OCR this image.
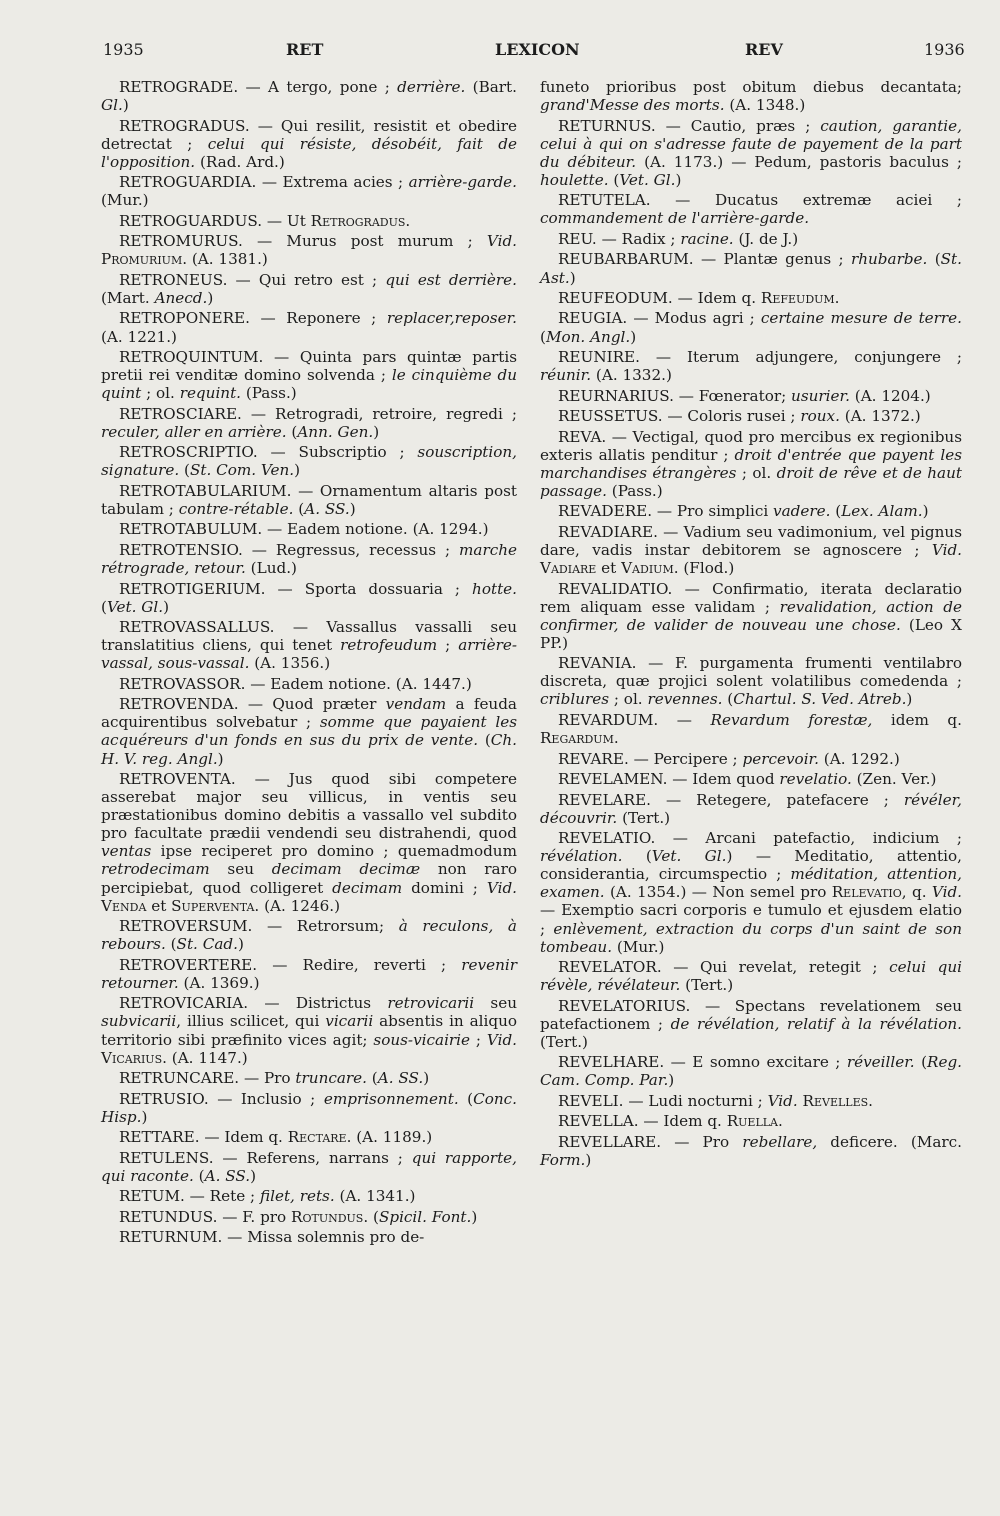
1935	RET	LEXICON	REV	1936

RETROGRADE. — A tergo, pone ; derrière. (Bart. Gl.)

RETROGRADUS. — Qui resilit, resistit et obedire detrectat ; celui qui résiste, désobéit, fait de l'opposition. (Rad. Ard.)

RETROGUARDIA. — Extrema acies ; arrière-garde. (Mur.)

RETROGUARDUS. — Ut Retrogradus.

RETROMURUS. — Murus post murum ; Vid. Promurium. (A. 1381.)

RETRONEUS. — Qui retro est ; qui est derrière. (Mart. Anecd.)

RETROPONERE. — Reponere ; replacer,reposer. (A. 1221.)

RETROQUINTUM. — Quinta pars quintæ partis pretii rei venditæ domino solvenda ; le cinquième du quint ; ol. requint. (Pass.)

RETROSCIARE. — Retrogradi, retroire, regredi ; reculer, aller en arrière. (Ann. Gen.)

RETROSCRIPTIO. — Subscriptio ; souscription, signature. (St. Com. Ven.)

RETROTABULARIUM. — Ornamentum altaris post tabulam ; contre-rétable. (A. SS.)

RETROTABULUM. — Eadem notione. (A. 1294.)

RETROTENSIO. — Regressus, recessus ; marche rétrograde, retour. (Lud.)

RETROTIGERIUM. — Sporta dossuaria ; hotte. (Vet. Gl.)

RETROVASSALLUS. — Vassallus vassalli seu translatitius cliens, qui tenet retrofeudum ; arrière-vassal, sous-vassal. (A. 1356.)

RETROVASSOR. — Eadem notione. (A. 1447.)

RETROVENDA. — Quod præter vendam a feuda acquirentibus solvebatur ; somme que payaient les acquéreurs d'un fonds en sus du prix de vente. (Ch. H. V. reg. Angl.)

RETROVENTA. — Jus quod sibi competere asserebat major seu villicus, in ventis seu præstationibus domino debitis a vassallo vel subdito pro facultate prædii vendendi seu distrahendi, quod ventas ipse reciperet pro domino ; quemadmodum retrodecimam seu decimam decimæ non raro percipiebat, quod colligeret decimam domini ; Vid. Venda et Superventa. (A. 1246.)

RETROVERSUM. — Retrorsum; à reculons, à rebours. (St. Cad.)

RETROVERTERE. — Redire, reverti ; revenir retourner. (A. 1369.)

RETROVICARIA. — Districtus retrovicarii seu subvicarii, illius scilicet, qui vicarii absentis in aliquo territorio sibi præfinito vices agit; sous-vicairie ; Vid. Vicarius. (A. 1147.)

RETRUNCARE. — Pro truncare. (A. SS.)

RETRUSIO. — Inclusio ; emprisonnement. (Conc. Hisp.)

RETTARE. — Idem q. Rectare. (A. 1189.)

RETULENS. — Referens, narrans ; qui rapporte, qui raconte. (A. SS.)

RETUM. — Rete ; filet, rets. (A. 1341.)

RETUNDUS. — F. pro Rotundus. (Spicil. Font.)

RETURNUM. — Missa solemnis pro de-

funeto prioribus post obitum diebus decantata; grand'Messe des morts. (A. 1348.)

RETURNUS. — Cautio, præs ; caution, garantie, celui à qui on s'adresse faute de payement de la part du débiteur. (A. 1173.) — Pedum, pastoris baculus ; houlette. (Vet. Gl.)

RETUTELA. — Ducatus extremæ aciei ; commandement de l'arrière-garde.

REU. — Radix ; racine. (J. de J.)

REUBARBARUM. — Plantæ genus ; rhubarbe. (St. Ast.)

REUFEODUM. — Idem q. Refeudum.

REUGIA. — Modus agri ; certaine mesure de terre. (Mon. Angl.)

REUNIRE. — Iterum adjungere, conjungere ; réunir. (A. 1332.)

REURNARIUS. — Fœnerator; usurier. (A. 1204.)

REUSSETUS. — Coloris rusei ; roux. (A. 1372.)

REVA. — Vectigal, quod pro mercibus ex regionibus exteris allatis penditur ; droit d'entrée que payent les marchandises étrangères ; ol. droit de rêve et de haut passage. (Pass.)

REVADERE. — Pro simplici vadere. (Lex. Alam.)

REVADIARE. — Vadium seu vadimonium, vel pignus dare, vadis instar debitorem se agnoscere ; Vid. Vadiare et Vadium. (Flod.)

REVALIDATIO. — Confirmatio, iterata declaratio rem aliquam esse validam ; revalidation, action de confirmer, de valider de nouveau une chose. (Leo X PP.)

REVANIA. — F. purgamenta frumenti ventilabro discreta, quæ projici solent volatilibus comedenda ; criblures ; ol. revennes. (Chartul. S. Ved. Atreb.)

REVARDUM. — Revardum forestæ, idem q. Regardum.

REVARE. — Percipere ; percevoir. (A. 1292.)

REVELAMEN. — Idem quod revelatio. (Zen. Ver.)

REVELARE. — Retegere, patefacere ; révéler, découvrir. (Tert.)

REVELATIO. — Arcani patefactio, indicium ; révélation. (Vet. Gl.) — Meditatio, attentio, considerantia, circumspectio ; méditation, attention, examen. (A. 1354.) — Non semel pro Relevatio, q. Vid. — Exemptio sacri corporis e tumulo et ejusdem elatio ; enlèvement, extraction du corps d'un saint de son tombeau. (Mur.)

REVELATOR. — Qui revelat, retegit ; celui qui révèle, révélateur. (Tert.)

REVELATORIUS. — Spectans revelationem seu patefactionem ; de révélation, relatif à la révélation. (Tert.)

REVELHARE. — E somno excitare ; réveiller. (Reg. Cam. Comp. Par.)

REVELI. — Ludi nocturni ; Vid. Revelles.

REVELLA. — Idem q. Ruella.

REVELLARE. — Pro rebellare, deficere. (Marc. Form.)
